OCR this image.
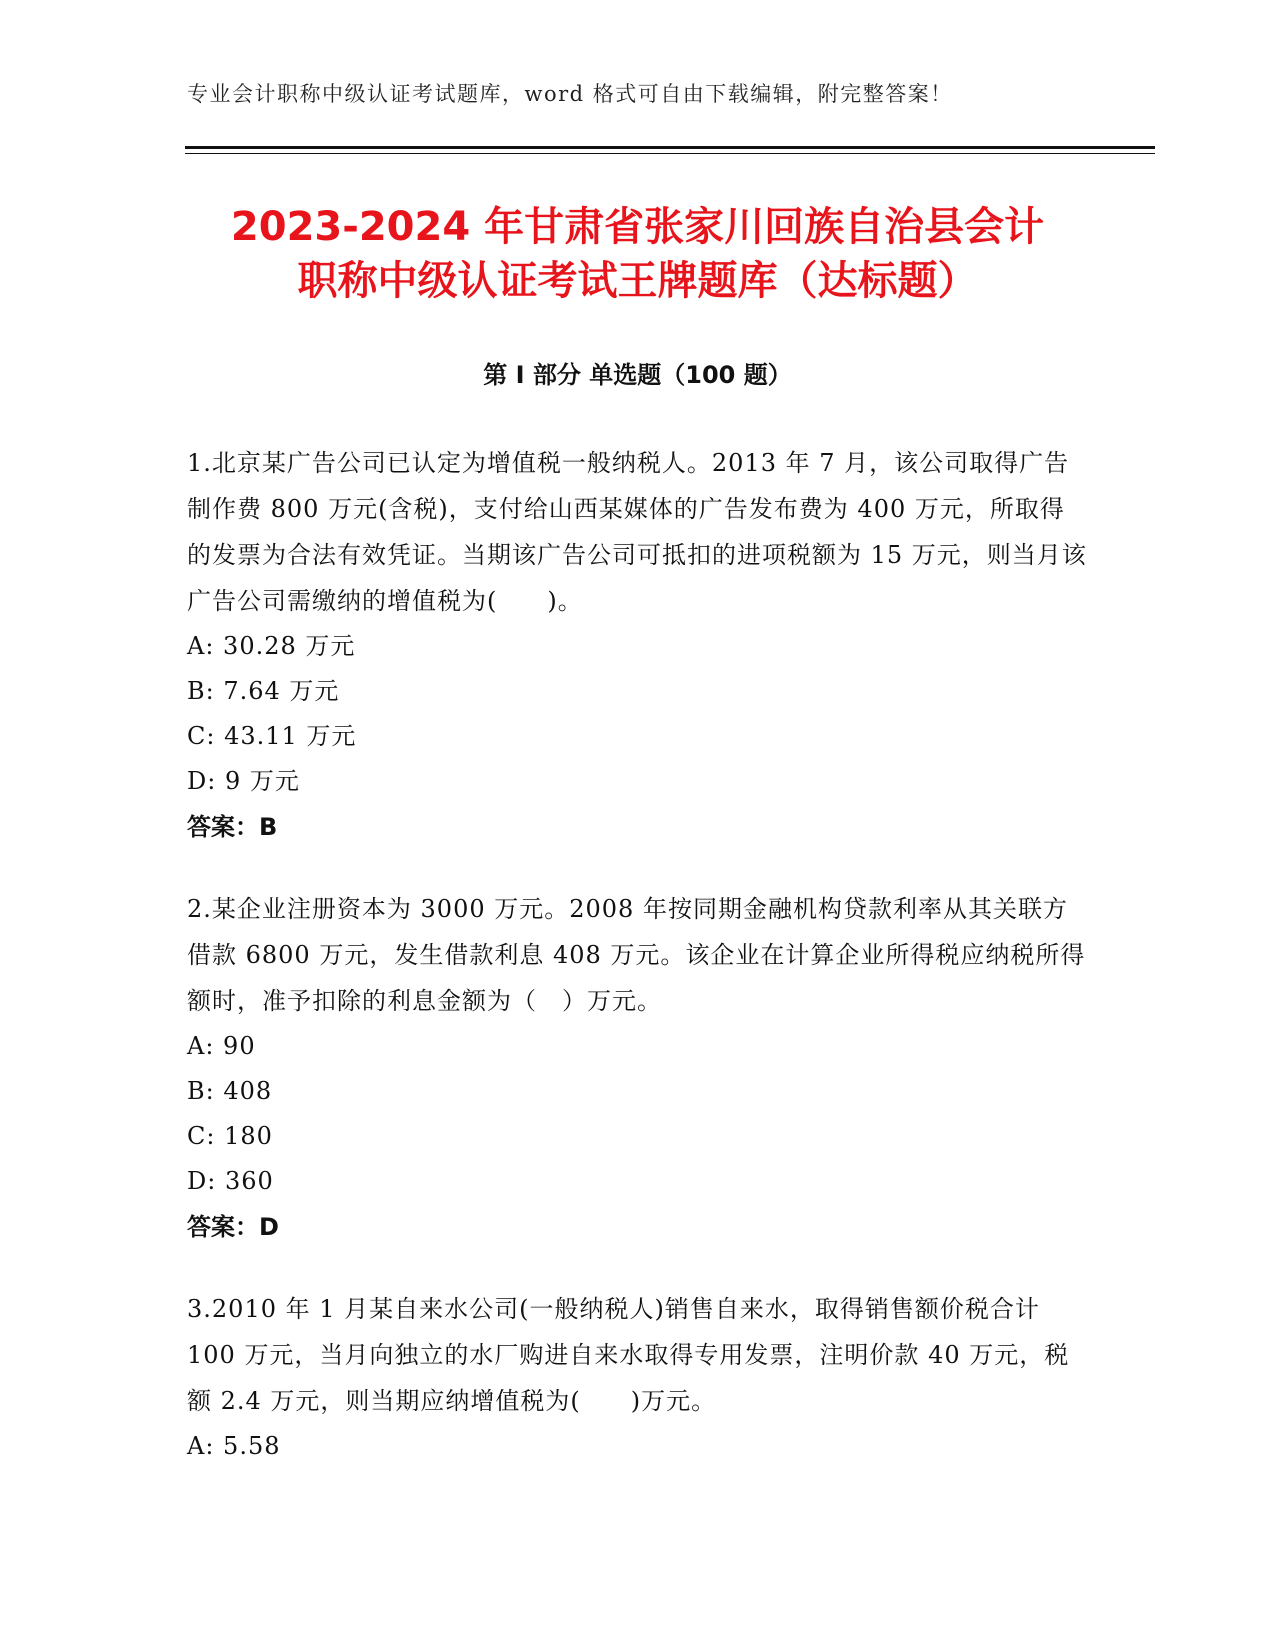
专业会计职称中级认证考试题库，word 格式可自由下载编辑，附完整答案！
2023-2024 年甘肃省张家川回族自治县会计
职称中级认证考试王牌题库（达标题）
第 I 部分 单选题（100 题）

1.北京某广告公司已认定为增值税一般纳税人。2013 年 7 月，该公司取得广告制作费 800 万元(含税)，支付给山西某媒体的广告发布费为 400 万元，所取得的发票为合法有效凭证。当期该广告公司可抵扣的进项税额为 15 万元，则当月该广告公司需缴纳的增值税为(　　)。

A: 30.28 万元

B: 7.64 万元

C: 43.11 万元

D: 9 万元

答案：B

2.某企业注册资本为 3000 万元。2008 年按同期金融机构贷款利率从其关联方借款 6800 万元，发生借款利息 408 万元。该企业在计算企业所得税应纳税所得额时，准予扣除的利息金额为（　）万元。

A: 90

B: 408

C: 180

D: 360

答案：D

3.2010 年 1 月某自来水公司(一般纳税人)销售自来水，取得销售额价税合计 100 万元，当月向独立的水厂购进自来水取得专用发票，注明价款 40 万元，税额 2.4 万元，则当期应纳增值税为(　　)万元。

A: 5.58
